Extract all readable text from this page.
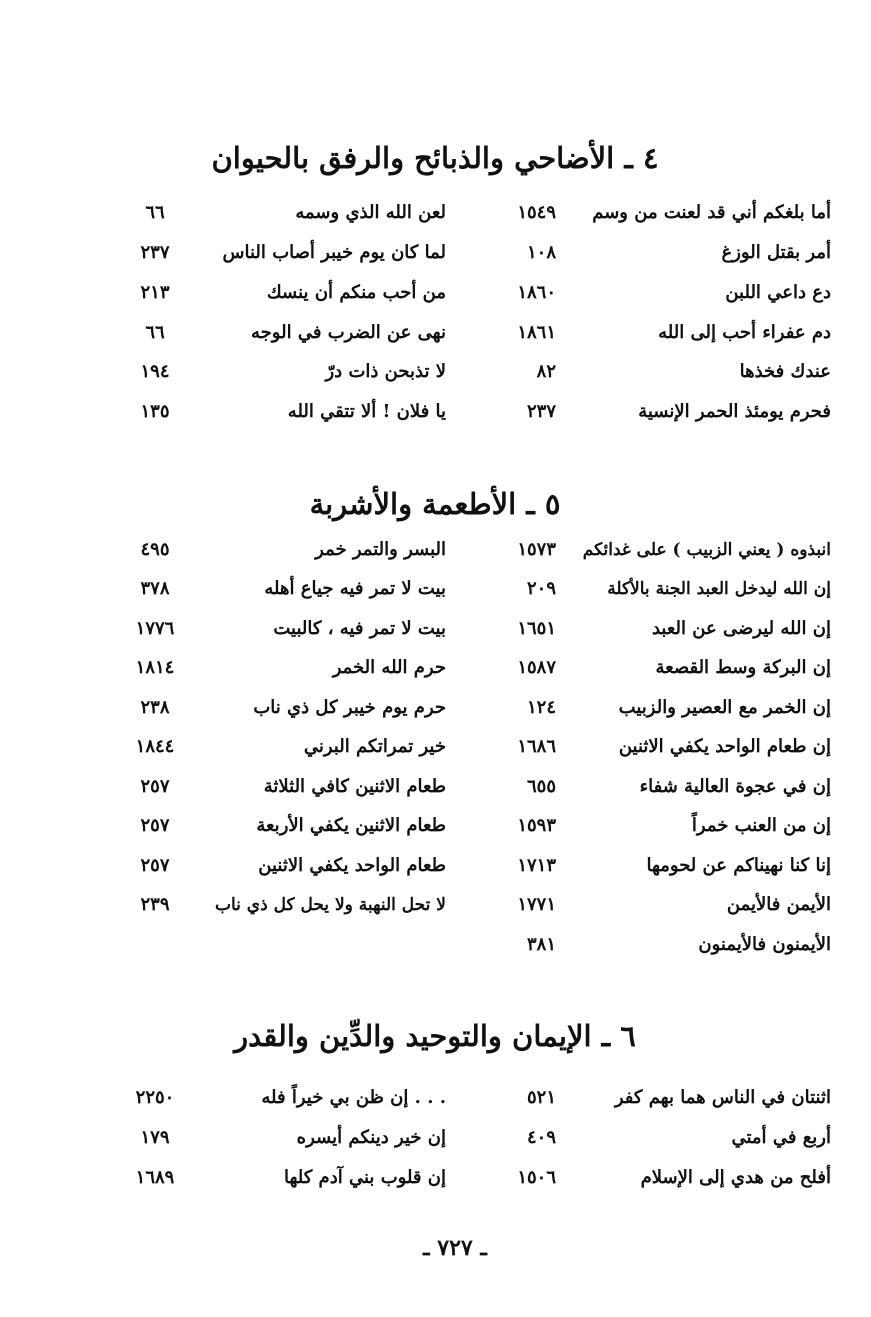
٤ ـ الأضاحي والذبائح والرفق بالحيوان
أما بلغكم أني قد لعنت من وسم
١٥٤٩
لعن الله الذي وسمه
٦٦
أمر بقتل الوزغ
١٠٨
لما كان يوم خيبر أصاب الناس
٢٣٧
دع داعي اللبن
١٨٦٠
من أحب منكم أن ينسك
٢١٣
دم عفراء أحب إلى الله
١٨٦١
نهى عن الضرب في الوجه
٦٦
عندك فخذها
٨٢
لا تذبحن ذات درّ
١٩٤
فحرم يومئذ الحمر الإنسية
٢٣٧
يا فلان ! ألا تتقي الله
١٣٥
٥ ـ الأطعمة والأشربة
انبذوه ( يعني الزبيب ) على غدائكم
١٥٧٣
البسر والتمر خمر
٤٩٥
إن الله ليدخل العبد الجنة بالأكلة
٢٠٩
بيت لا تمر فيه جياع أهله
٣٧٨
إن الله ليرضى عن العبد
١٦٥١
بيت لا تمر فيه ، كالبيت
١٧٧٦
إن البركة وسط القصعة
١٥٨٧
حرم الله الخمر
١٨١٤
إن الخمر مع العصير والزبيب
١٢٤
حرم يوم خيبر كل ذي ناب
٢٣٨
إن طعام الواحد يكفي الاثنين
١٦٨٦
خير تمراتكم البرني
١٨٤٤
إن في عجوة العالية شفاء
٦٥٥
طعام الاثنين كافي الثلاثة
٢٥٧
إن من العنب خمراً
١٥٩٣
طعام الاثنين يكفي الأربعة
٢٥٧
إنا كنا نهيناكم عن لحومها
١٧١٣
طعام الواحد يكفي الاثنين
٢٥٧
الأيمن فالأيمن
١٧٧١
لا تحل النهبة ولا يحل كل ذي ناب
٢٣٩
الأيمنون فالأيمنون
٣٨١
٦ ـ الإيمان والتوحيد والدِّين والقدر
اثنتان في الناس هما بهم كفر
٥٢١
. . . إن ظن بي خيراً فله
٢٢٥٠
أربع في أمتي
٤٠٩
إن خير دينكم أيسره
١٧٩
أفلح من هدي إلى الإسلام
١٥٠٦
إن قلوب بني آدم كلها
١٦٨٩
ـ ٧٢٧ ـ
